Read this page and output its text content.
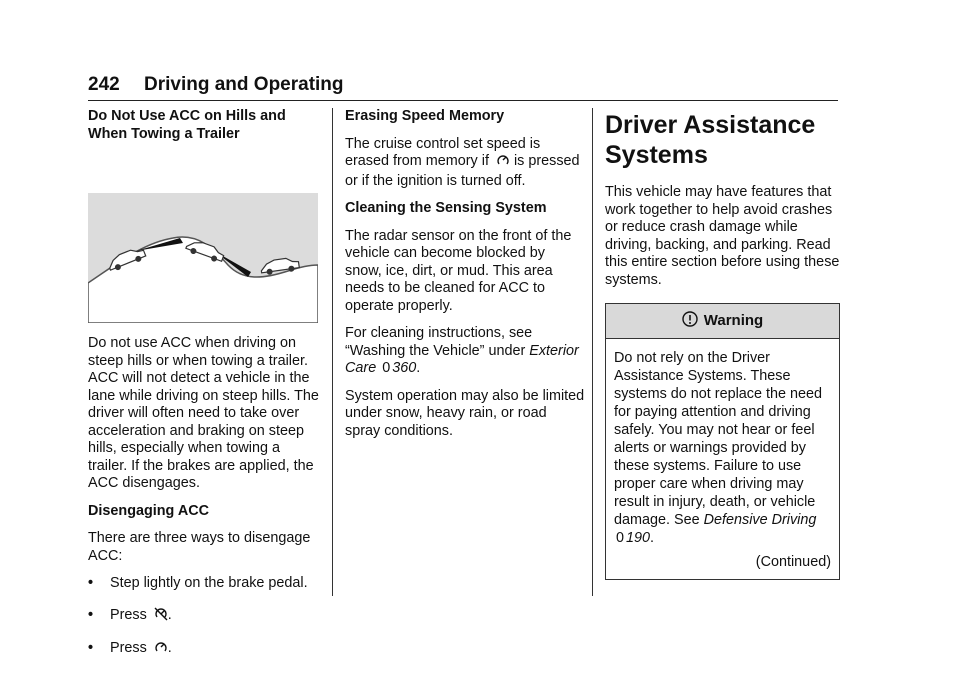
242 Driving and Operating

Do Not Use ACC on Hills and When Towing a Trailer

Do not use ACC when driving on steep hills or when towing a trailer. ACC will not detect a vehicle in the lane while driving on steep hills. The driver will often need to take over acceleration and braking on steep hills, especially when towing a trailer. If the brakes are applied, the ACC disengages.

Disengaging ACC

There are three ways to disengage ACC:

• Step lightly on the brake pedal.
• Press .
• Press .

Erasing Speed Memory

The cruise control set speed is erased from memory if is pressed or if the ignition is turned off.

Cleaning the Sensing System

The radar sensor on the front of the vehicle can become blocked by snow, ice, dirt, or mud. This area needs to be cleaned for ACC to operate properly.

For cleaning instructions, see “Washing the Vehicle” under Exterior Care 0 360.

System operation may also be limited under snow, heavy rain, or road spray conditions.

Driver Assistance Systems

This vehicle may have features that work together to help avoid crashes or reduce crash damage while driving, backing, and parking. Read this entire section before using these systems.

Warning
Do not rely on the Driver Assistance Systems. These systems do not replace the need for paying attention and driving safely. You may not hear or feel alerts or warnings provided by these systems. Failure to use proper care when driving may result in injury, death, or vehicle damage. See Defensive Driving
0 190.
(Continued)
